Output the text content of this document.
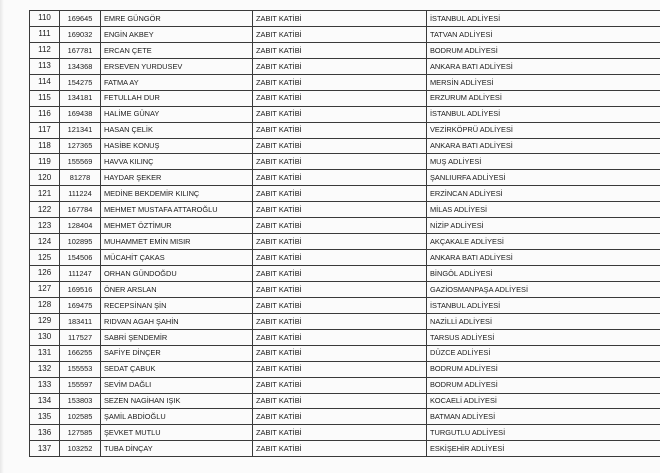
110	169645	EMRE GÜNGÖR	ZABIT KATİBİ	İSTANBUL ADLİYESİ
111	169032	ENGİN AKBEY	ZABIT KATİBİ	TATVAN ADLİYESİ
112	167781	ERCAN ÇETE	ZABIT KATİBİ	BODRUM ADLİYESİ
113	134368	ERSEVEN YURDUSEV	ZABIT KATİBİ	ANKARA BATI ADLİYESİ
114	154275	FATMA AY	ZABIT KATİBİ	MERSİN ADLİYESİ
115	134181	FETULLAH DUR	ZABIT KATİBİ	ERZURUM ADLİYESİ
116	169438	HALİME GÜNAY	ZABIT KATİBİ	İSTANBUL ADLİYESİ
117	121341	HASAN ÇELİK	ZABIT KATİBİ	VEZİRKÖPRÜ ADLİYESİ
118	127365	HASİBE KONUŞ	ZABIT KATİBİ	ANKARA BATI ADLİYESİ
119	155569	HAVVA KILINÇ	ZABIT KATİBİ	MUŞ ADLİYESİ
120	81278	HAYDAR ŞEKER	ZABIT KATİBİ	ŞANLIURFA ADLİYESİ
121	111224	MEDİNE BEKDEMİR KILINÇ	ZABIT KATİBİ	ERZİNCAN ADLİYESİ
122	167784	MEHMET MUSTAFA ATTAROĞLU	ZABIT KATİBİ	MİLAS ADLİYESİ
123	128404	MEHMET ÖZTİMUR	ZABIT KATİBİ	NİZİP ADLİYESİ
124	102895	MUHAMMET EMİN MISIR	ZABIT KATİBİ	AKÇAKALE ADLİYESİ
125	154506	MÜCAHİT ÇAKAS	ZABIT KATİBİ	ANKARA BATI ADLİYESİ
126	111247	ORHAN GÜNDOĞDU	ZABIT KATİBİ	BİNGÖL ADLİYESİ
127	169516	ÖNER ARSLAN	ZABIT KATİBİ	GAZİOSMANPAŞA ADLİYESİ
128	169475	RECEPSİNAN ŞİN	ZABIT KATİBİ	İSTANBUL ADLİYESİ
129	183411	RIDVAN AGAH ŞAHİN	ZABIT KATİBİ	NAZİLLİ ADLİYESİ
130	117527	SABRİ ŞENDEMİR	ZABIT KATİBİ	TARSUS ADLİYESİ
131	166255	SAFİYE DİNÇER	ZABIT KATİBİ	DÜZCE ADLİYESİ
132	155553	SEDAT ÇABUK	ZABIT KATİBİ	BODRUM ADLİYESİ
133	155597	SEVİM DAĞLI	ZABIT KATİBİ	BODRUM ADLİYESİ
134	153803	SEZEN NAGİHAN IŞIK	ZABIT KATİBİ	KOCAELİ ADLİYESİ
135	102585	ŞAMİL ABDİOĞLU	ZABIT KATİBİ	BATMAN ADLİYESİ
136	127585	ŞEVKET MUTLU	ZABIT KATİBİ	TURGUTLU ADLİYESİ
137	103252	TUBA DİNÇAY	ZABIT KATİBİ	ESKİŞEHİR ADLİYESİ
